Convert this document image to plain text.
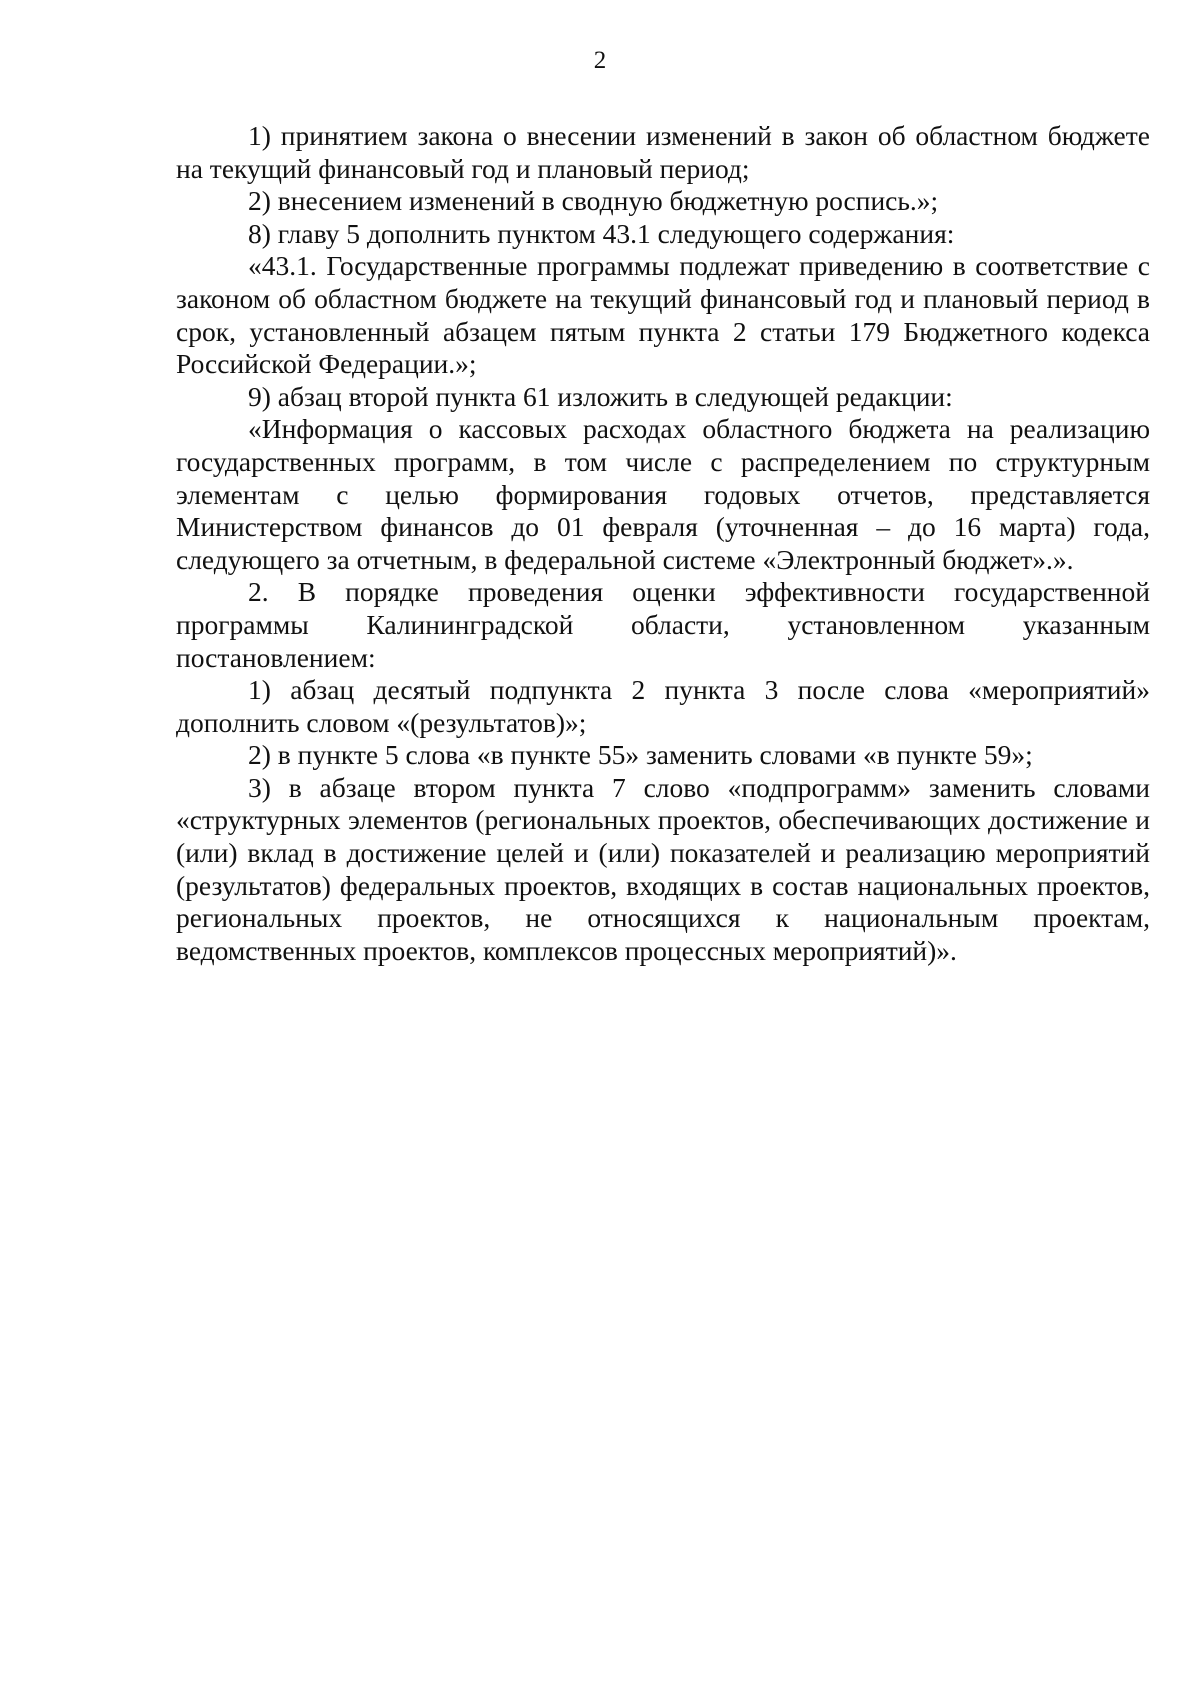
2

1) принятием закона о внесении изменений в закон об областном бюджете на текущий финансовый год и плановый период;

2) внесением изменений в сводную бюджетную роспись.»;

8) главу 5 дополнить пунктом 43.1 следующего содержания:

«43.1. Государственные программы подлежат приведению в соответствие с законом об областном бюджете на текущий финансовый год и плановый период в срок, установленный абзацем пятым пункта 2 статьи 179 Бюджетного кодекса Российской Федерации.»;

9) абзац второй пункта 61 изложить в следующей редакции:

«Информация о кассовых расходах областного бюджета на реализацию государственных программ, в том числе с распределением по структурным элементам с целью формирования годовых отчетов, представляется Министерством финансов до 01 февраля (уточненная – до 16 марта) года, следующего за отчетным, в федеральной системе «Электронный бюджет».».

2. В порядке проведения оценки эффективности государственной программы Калининградской области, установленном указанным постановлением:

1) абзац десятый подпункта 2 пункта 3 после слова «мероприятий» дополнить словом «(результатов)»;

2) в пункте 5 слова «в пункте 55» заменить словами «в пункте 59»;

3) в абзаце втором пункта 7 слово «подпрограмм» заменить словами «структурных элементов (региональных проектов, обеспечивающих достижение и (или) вклад в достижение целей и (или) показателей и реализацию мероприятий (результатов) федеральных проектов, входящих в состав национальных проектов, региональных проектов, не относящихся к национальным проектам, ведомственных проектов, комплексов процессных мероприятий)».
